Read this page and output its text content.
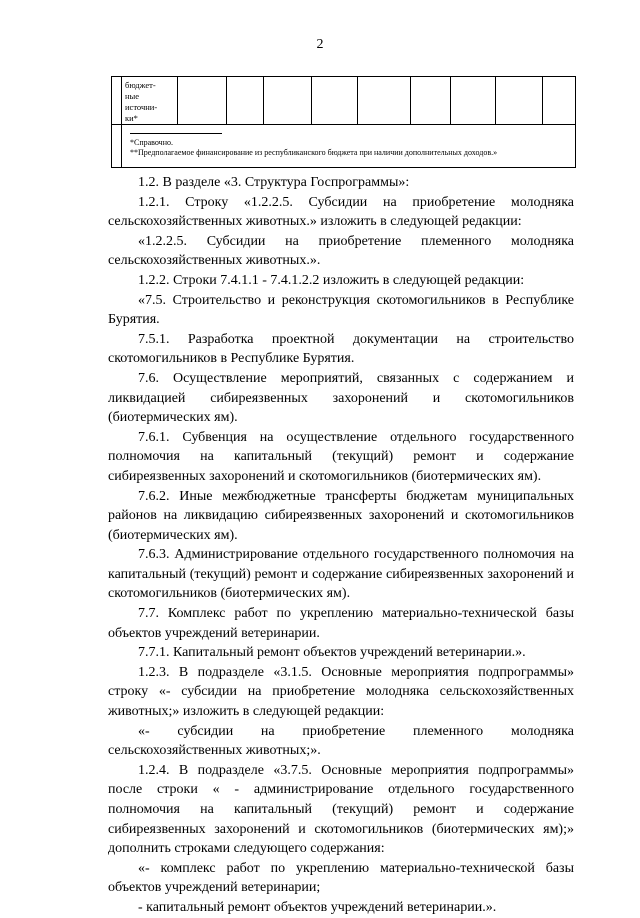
2

	бюджет-
ные
источни-
ки*									

	*Справочно.
**Предполагаемое финансирование из республиканского бюджета при наличии дополнительных доходов.»									

1.2. В разделе «3. Структура Госпрограммы»:

1.2.1. Строку «1.2.2.5. Субсидии на приобретение молодняка сельскохозяйственных животных.» изложить в следующей редакции:

«1.2.2.5. Субсидии на приобретение племенного молодняка сельскохозяйственных животных.».

1.2.2. Строки 7.4.1.1 - 7.4.1.2.2 изложить в следующей редакции:

«7.5. Строительство и реконструкция скотомогильников в Республике Бурятия.

7.5.1. Разработка проектной документации на строительство скотомогильников в Республике Бурятия.

7.6. Осуществление мероприятий, связанных с содержанием и ликвидацией сибиреязвенных захоронений и скотомогильников (биотермических ям).

7.6.1. Субвенция на осуществление отдельного государственного полномочия на капитальный (текущий) ремонт и содержание сибиреязвенных захоронений и скотомогильников (биотермических ям).

7.6.2. Иные межбюджетные трансферты бюджетам муниципальных районов на ликвидацию сибиреязвенных захоронений и скотомогильников (биотермических ям).

7.6.3. Администрирование отдельного государственного полномочия на капитальный (текущий) ремонт и содержание сибиреязвенных захоронений и скотомогильников (биотермических ям).

7.7. Комплекс работ по укреплению материально-технической базы объектов учреждений ветеринарии.

7.7.1. Капитальный ремонт объектов учреждений ветеринарии.».

1.2.3. В подразделе «3.1.5. Основные мероприятия подпрограммы» строку «- субсидии на приобретение молодняка сельскохозяйственных животных;» изложить в следующей редакции:

«- субсидии на приобретение племенного молодняка сельскохозяйственных животных;».

1.2.4. В подразделе «3.7.5. Основные мероприятия подпрограммы» после строки « - администрирование отдельного государственного полномочия на капитальный (текущий) ремонт и содержание сибиреязвенных захоронений и скотомогильников (биотермических ям);» дополнить строками следующего содержания:

«- комплекс работ по укреплению материально-технической базы объектов учреждений ветеринарии;

- капитальный ремонт объектов учреждений ветеринарии.».
